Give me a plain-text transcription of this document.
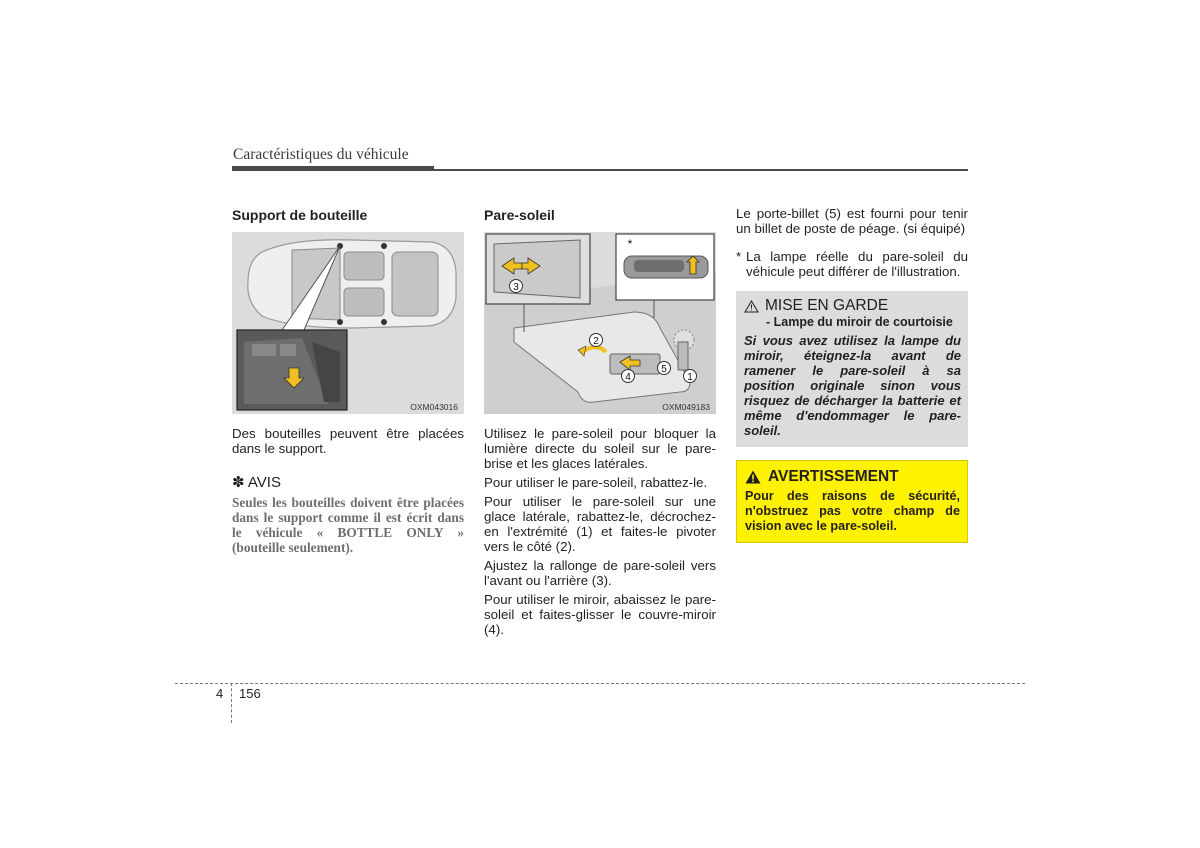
Caractéristiques du véhicule
Support de bouteille
OXM043016

Des bouteilles peuvent être placées dans le support.

✽ AVIS
Seules les bouteilles doivent être placées dans le support comme il est écrit dans le véhicule « BOTTLE ONLY » (bouteille seulement).
Pare-soleil
3
2
4
5
1
*
OXM049183

Utilisez le pare-soleil pour bloquer la lumière directe du soleil sur le pare-brise et les glaces latérales.

Pour utiliser le pare-soleil, rabattez-le.

Pour utiliser le pare-soleil sur une glace latérale, rabattez-le, décrochez-en l'extrémité (1) et faites-le pivoter vers le côté (2).

Ajustez la rallonge de pare-soleil vers l'avant ou l'arrière (3).

Pour utiliser le miroir, abaissez le pare-soleil et faites-glisser le couvre-miroir (4).

Le porte-billet (5) est fourni pour tenir un billet de poste de péage. (si équipé)

* La lampe réelle du pare-soleil du véhicule peut différer de l'illustration.

MISE EN GARDE
- Lampe du miroir de courtoisie
Si vous avez utilisez la lampe du miroir, éteignez-la avant de ramener le pare-soleil à sa position originale sinon vous risquez de décharger la batterie et même d'endommager le pare-soleil.
AVERTISSEMENT
Pour des raisons de sécurité, n'obstruez pas votre champ de vision avec le pare-soleil.
4 156
